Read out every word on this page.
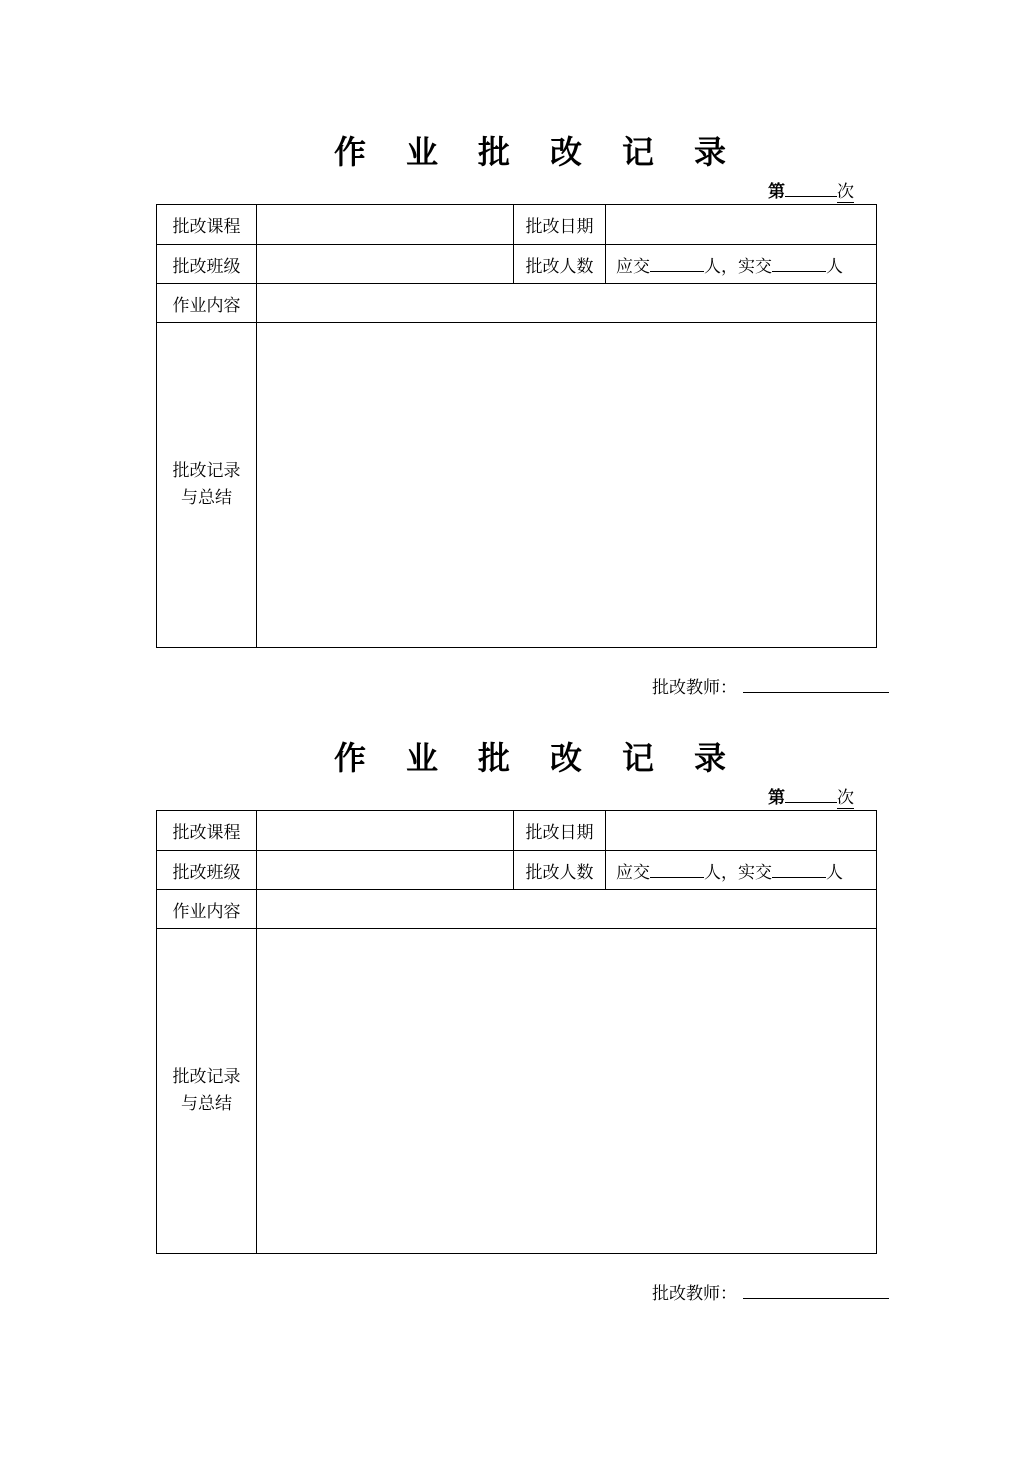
作 业 批 改 记 录
第	次
批改课程		批改日期	
批改班级		批改人数	应交 人，实交 人
作业内容			

批改记录
与总结			

批改教师：
作 业 批 改 记 录
第	次
批改课程		批改日期	
批改班级		批改人数	应交 人，实交 人
作业内容			

批改记录
与总结			

批改教师：
